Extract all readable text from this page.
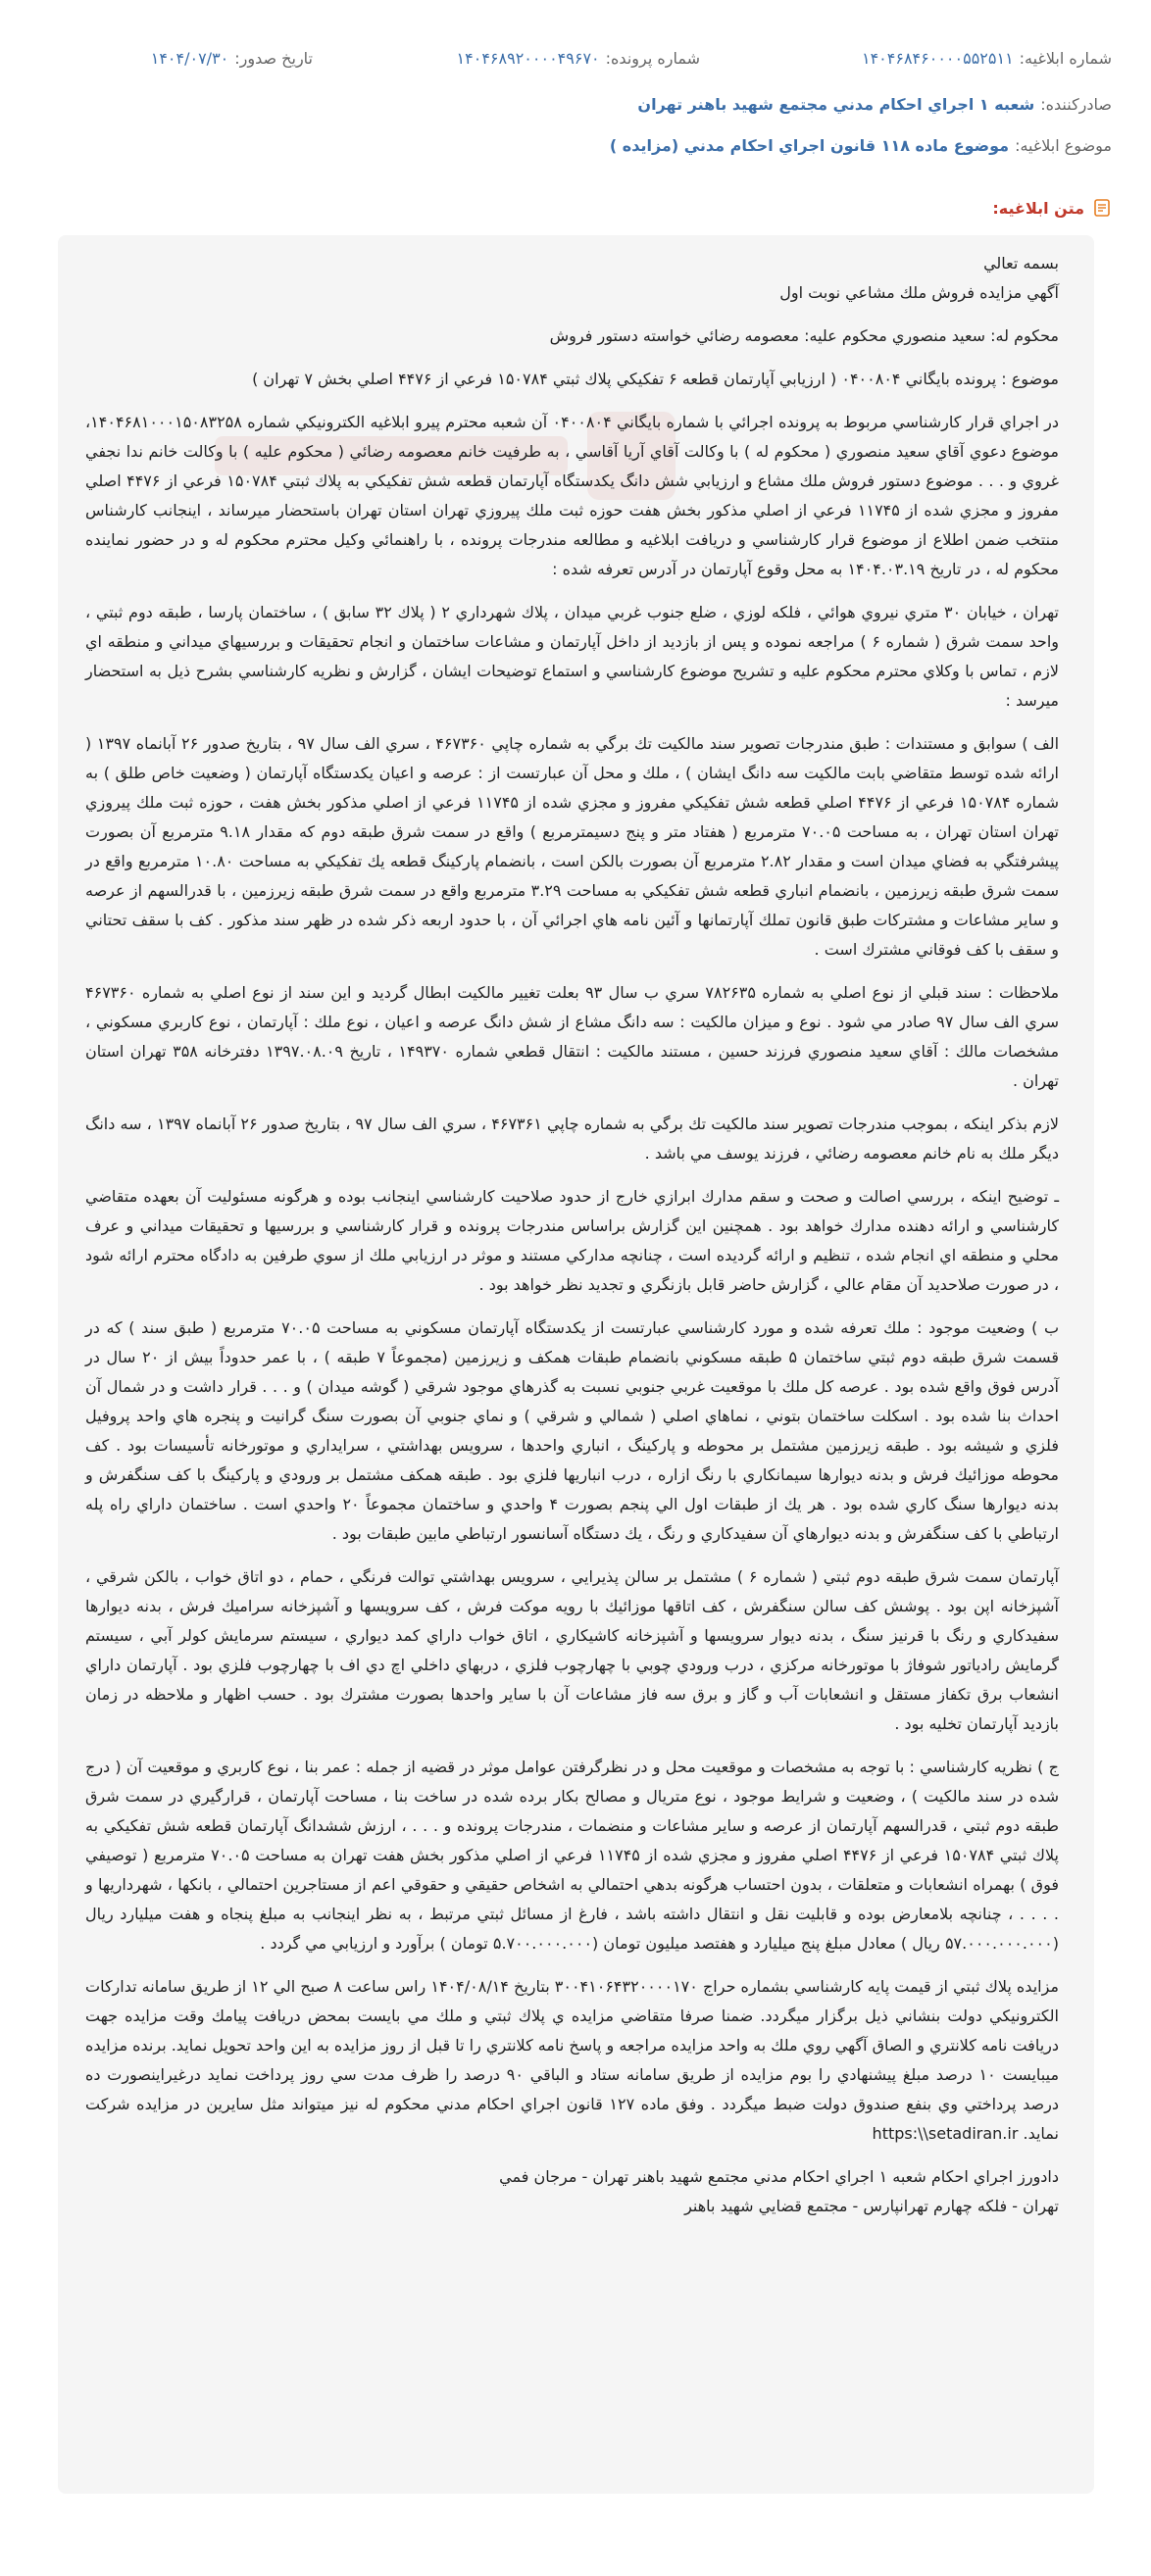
شماره ابلاغیه:۱۴۰۴۶۸۴۶۰۰۰۰۵۵۲۵۱۱
شماره پرونده:۱۴۰۴۶۸۹۲۰۰۰۰۴۹۶۷۰
تاریخ صدور:۱۴۰۴/۰۷/۳۰
صادرکننده:شعبه ۱ اجراي احكام مدني مجتمع شهيد باهنر تهران
موضوع ابلاغیه:موضوع ماده ۱۱۸ قانون اجراي احكام مدني (مزايده )
متن ابلاغیه:

بسمه تعالي

آگهي مزايده فروش ملك مشاعي نوبت اول

محكوم له: سعيد منصوري محكوم عليه: معصومه رضائي خواسته دستور فروش

موضوع : پرونده بايگاني ۰۴۰۰۸۰۴ ( ارزيابي آپارتمان قطعه ۶ تفكيكي پلاك ثبتي ۱۵۰۷۸۴ فرعي از ۴۴۷۶ اصلي بخش ۷ تهران )

در اجراي قرار كارشناسي مربوط به پرونده اجرائي با شماره بايگاني ۰۴۰۰۸۰۴ آن شعبه محترم پيرو ابلاغيه الكترونيكي شماره ۱۴۰۴۶۸۱۰۰۰۱۵۰۸۳۲۵۸، موضوع دعوي آقاي سعيد منصوري ( محكوم له ) با وكالت آقاي آريا آقاسي ، به طرفيت خانم معصومه رضائي ( محكوم عليه ) با وكالت خانم ندا نجفي غروي و . . . موضوع دستور فروش ملك مشاع و ارزيابي شش دانگ يكدستگاه آپارتمان قطعه شش تفكيكي به پلاك ثبتي ۱۵۰۷۸۴ فرعي از ۴۴۷۶ اصلي مفروز و مجزي شده از ۱۱۷۴۵ فرعي از اصلي مذكور بخش هفت حوزه ثبت ملك پيروزي تهران استان تهران باستحضار ميرساند ، اينجانب كارشناس منتخب ضمن اطلاع از موضوع قرار كارشناسي و دريافت ابلاغيه و مطالعه مندرجات پرونده ، با راهنمائي وكيل محترم محكوم له و در حضور نماينده محكوم له ، در تاريخ ۱۴۰۴.۰۳.۱۹ به محل وقوع آپارتمان در آدرس تعرفه شده :

تهران ، خيابان ۳۰ متري نيروي هوائي ، فلكه لوزي ، ضلع جنوب غربي ميدان ، پلاك شهرداري ۲ ( پلاك ۳۲ سابق ) ، ساختمان پارسا ، طبقه دوم ثبتي ، واحد سمت شرق ( شماره ۶ ) مراجعه نموده و پس از بازديد از داخل آپارتمان و مشاعات ساختمان و انجام تحقيقات و بررسيهاي ميداني و منطقه اي لازم ، تماس با وكلاي محترم محكوم عليه و تشريح موضوع كارشناسي و استماع توضيحات ايشان ، گزارش و نظريه كارشناسي بشرح ذيل به استحضار ميرسد :

الف ) سوابق و مستندات : طبق مندرجات تصوير سند مالكيت تك برگي به شماره چاپي ۴۶۷۳۶۰ ، سري الف سال ۹۷ ، بتاريخ صدور ۲۶ آبانماه ۱۳۹۷ ( ارائه شده توسط متقاضي بابت مالكيت سه دانگ ايشان ) ، ملك و محل آن عبارتست از : عرصه و اعيان يكدستگاه آپارتمان ( وضعيت خاص طلق ) به شماره ۱۵۰۷۸۴ فرعي از ۴۴۷۶ اصلي قطعه شش تفكيكي مفروز و مجزي شده از ۱۱۷۴۵ فرعي از اصلي مذكور بخش هفت ، حوزه ثبت ملك پيروزي تهران استان تهران ، به مساحت ۷۰.۰۵ مترمربع ( هفتاد متر و پنج دسيمترمربع ) واقع در سمت شرق طبقه دوم كه مقدار ۹.۱۸ مترمربع آن بصورت پيشرفتگي به فضاي ميدان است و مقدار ۲.۸۲ مترمربع آن بصورت بالكن است ، بانضمام پاركينگ قطعه يك تفكيكي به مساحت ۱۰.۸۰ مترمربع واقع در سمت شرق طبقه زيرزمين ، بانضمام انباري قطعه شش تفكيكي به مساحت ۳.۲۹ مترمربع واقع در سمت شرق طبقه زيرزمين ، با قدرالسهم از عرصه و ساير مشاعات و مشتركات طبق قانون تملك آپارتمانها و آئين نامه هاي اجرائي آن ، با حدود اربعه ذكر شده در ظهر سند مذكور . كف با سقف تحتاني و سقف با كف فوقاني مشترك است .

ملاحظات : سند قبلي از نوع اصلي به شماره ۷۸۲۶۳۵ سري ب سال ۹۳ بعلت تغيير مالكيت ابطال گرديد و اين سند از نوع اصلي به شماره ۴۶۷۳۶۰ سري الف سال ۹۷ صادر مي شود . نوع و ميزان مالكيت : سه دانگ مشاع از شش دانگ عرصه و اعيان ، نوع ملك : آپارتمان ، نوع كاربري مسكوني ، مشخصات مالك : آقاي سعيد منصوري فرزند حسين ، مستند مالكيت : انتقال قطعي شماره ۱۴۹۳۷۰ ، تاريخ ۱۳۹۷.۰۸.۰۹ دفترخانه ۳۵۸ تهران استان تهران .

لازم بذكر اينكه ، بموجب مندرجات تصوير سند مالكيت تك برگي به شماره چاپي ۴۶۷۳۶۱ ، سري الف سال ۹۷ ، بتاريخ صدور ۲۶ آبانماه ۱۳۹۷ ، سه دانگ ديگر ملك به نام خانم معصومه رضائي ، فرزند يوسف مي باشد .

ـ توضيح اينكه ، بررسي اصالت و صحت و سقم مدارك ابرازي خارج از حدود صلاحيت كارشناسي اينجانب بوده و هرگونه مسئوليت آن بعهده متقاضي كارشناسي و ارائه دهنده مدارك خواهد بود . همچنين اين گزارش براساس مندرجات پرونده و قرار كارشناسي و بررسيها و تحقيقات ميداني و عرف محلي و منطقه اي انجام شده ، تنظيم و ارائه گرديده است ، چنانچه مداركي مستند و موثر در ارزيابي ملك از سوي طرفين به دادگاه محترم ارائه شود ، در صورت صلاحديد آن مقام عالي ، گزارش حاضر قابل بازنگري و تجديد نظر خواهد بود .

ب ) وضعيت موجود : ملك تعرفه شده و مورد كارشناسي عبارتست از يكدستگاه آپارتمان مسكوني به مساحت ۷۰.۰۵ مترمربع ( طبق سند ) كه در قسمت شرق طبقه دوم ثبتي ساختمان ۵ طبقه مسكوني بانضمام طبقات همكف و زيرزمين (مجموعاً ۷ طبقه ) ، با عمر حدوداً بيش از ۲۰ سال در آدرس فوق واقع شده بود . عرصه كل ملك با موقعيت غربي جنوبي نسبت به گذرهاي موجود شرقي ( گوشه ميدان ) و . . . قرار داشت و در شمال آن احداث بنا شده بود . اسكلت ساختمان بتوني ، نماهاي اصلي ( شمالي و شرقي ) و نماي جنوبي آن بصورت سنگ گرانيت و پنجره هاي واحد پروفيل فلزي و شيشه بود . طبقه زيرزمين مشتمل بر محوطه و پاركينگ ، انباري واحدها ، سرويس بهداشتي ، سرايداري و موتورخانه تأسيسات بود . كف محوطه موزائيك فرش و بدنه ديوارها سيمانكاري با رنگ ازاره ، درب انباريها فلزي بود . طبقه همكف مشتمل بر ورودي و پاركينگ با كف سنگفرش و بدنه ديوارها سنگ كاري شده بود . هر يك از طبقات اول الي پنجم بصورت ۴ واحدي و ساختمان مجموعاً ۲۰ واحدي است . ساختمان داراي راه پله ارتباطي با كف سنگفرش و بدنه ديوارهاي آن سفيدكاري و رنگ ، يك دستگاه آسانسور ارتباطي مابين طبقات بود .

آپارتمان سمت شرق طبقه دوم ثبتي ( شماره ۶ ) مشتمل بر سالن پذيرايي ، سرويس بهداشتي توالت فرنگي ، حمام ، دو اتاق خواب ، بالكن شرقي ، آشپزخانه اپن بود . پوشش كف سالن سنگفرش ، كف اتاقها موزائيك با رويه موكت فرش ، كف سرويسها و آشپزخانه سراميك فرش ، بدنه ديوارها سفيدكاري و رنگ با قرنيز سنگ ، بدنه ديوار سرويسها و آشپزخانه كاشيكاري ، اتاق خواب داراي كمد ديواري ، سيستم سرمايش كولر آبي ، سيستم گرمايش رادياتور شوفاژ با موتورخانه مركزي ، درب ورودي چوبي با چهارچوب فلزي ، دربهاي داخلي اچ دي اف با چهارچوب فلزي بود . آپارتمان داراي انشعاب برق تكفاز مستقل و انشعابات آب و گاز و برق سه فاز مشاعات آن با ساير واحدها بصورت مشترك بود . حسب اظهار و ملاحظه در زمان بازديد آپارتمان تخليه بود .

ج ) نظريه كارشناسي : با توجه به مشخصات و موقعيت محل و در نظرگرفتن عوامل موثر در قضيه از جمله : عمر بنا ، نوع كاربري و موقعيت آن ( درج شده در سند مالكيت ) ، وضعيت و شرايط موجود ، نوع متريال و مصالح بكار برده شده در ساخت بنا ، مساحت آپارتمان ، قرارگيري در سمت شرق طبقه دوم ثبتي ، قدرالسهم آپارتمان از عرصه و ساير مشاعات و منضمات ، مندرجات پرونده و . . . ، ارزش ششدانگ آپارتمان قطعه شش تفكيكي به پلاك ثبتي ۱۵۰۷۸۴ فرعي از ۴۴۷۶ اصلي مفروز و مجزي شده از ۱۱۷۴۵ فرعي از اصلي مذكور بخش هفت تهران به مساحت ۷۰.۰۵ مترمربع ( توصيفي فوق ) بهمراه انشعابات و متعلقات ، بدون احتساب هرگونه بدهي احتمالي به اشخاص حقيقي و حقوقي اعم از مستاجرين احتمالي ، بانكها ، شهرداريها و . . . . ، چنانچه بلامعارض بوده و قابليت نقل و انتقال داشته باشد ، فارغ از مسائل ثبتي مرتبط ، به نظر اينجانب به مبلغ پنجاه و هفت ميليارد ريال (۵۷.۰۰۰.۰۰۰.۰۰۰ ريال ) معادل مبلغ پنج ميليارد و هفتصد ميليون تومان (۵.۷۰۰.۰۰۰.۰۰۰ تومان ) برآورد و ارزيابي مي گردد .

مزايده پلاك ثبتي از قيمت پايه كارشناسي بشماره حراج ۳۰۰۴۱۰۶۴۳۲۰۰۰۰۱۷۰ بتاريخ ۱۴۰۴/۰۸/۱۴ راس ساعت ۸ صبح الي ۱۲ از طريق سامانه تداركات الكترونيكي دولت بنشاني ذيل برگزار ميگردد. ضمنا صرفا متقاضي مزايده ي پلاك ثبتي و ملك مي بايست بمحض دريافت پيامك وقت مزايده جهت دريافت نامه كلانتري و الصاق آگهي روي ملك به واحد مزايده مراجعه و پاسخ نامه كلانتري را تا قبل از روز مزايده به اين واحد تحويل نمايد. برنده مزايده ميبايست ۱۰ درصد مبلغ پيشنهادي را بوم مزايده از طريق سامانه ستاد و الباقي ۹۰ درصد را ظرف مدت سي روز پرداخت نمايد درغيراينصورت ده درصد پرداختي وي بنفع صندوق دولت ضبط ميگردد . وفق ماده ۱۲۷ قانون اجراي احكام مدني محكوم له نيز ميتواند مثل سايرين در مزايده شركت نمايد. https:\\setadiran.ir

دادورز اجراي احكام شعبه ۱ اجراي احكام مدني مجتمع شهيد باهنر تهران - مرجان فمي

تهران - فلكه چهارم تهرانپارس - مجتمع قضايي شهيد باهنر
